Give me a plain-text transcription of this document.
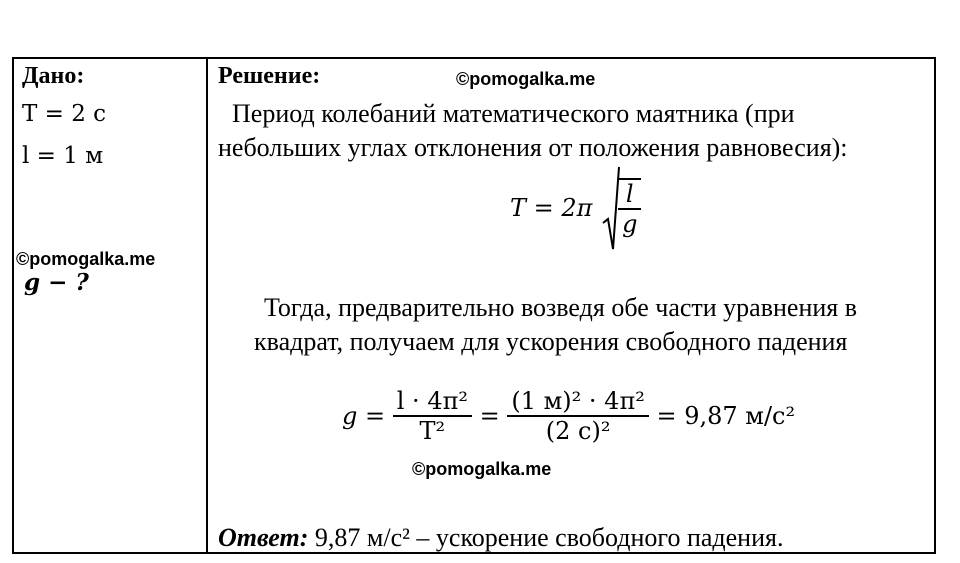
Дано:
T = 2 с
l = 1 м
©pomogalka.me
g − ?
Решение:	©pomogalka.me
Период колебаний математического маятника (при
небольших углах отклонения от положения равновесия):
$T = 2\pi \frac{l}{g}$
Тогда, предварительно возведя обе части уравнения в
квадрат, получаем для ускорения свободного падения
$g = \frac{\text{l · 4π²}}{\text{T²}} = \frac{\text{(1 м)² · 4π²}}{\text{(2 с)²}} = 9,87$ м/с²
©pomogalka.me
Ответ: 9,87 м/с² – ускорение свободного падения.
